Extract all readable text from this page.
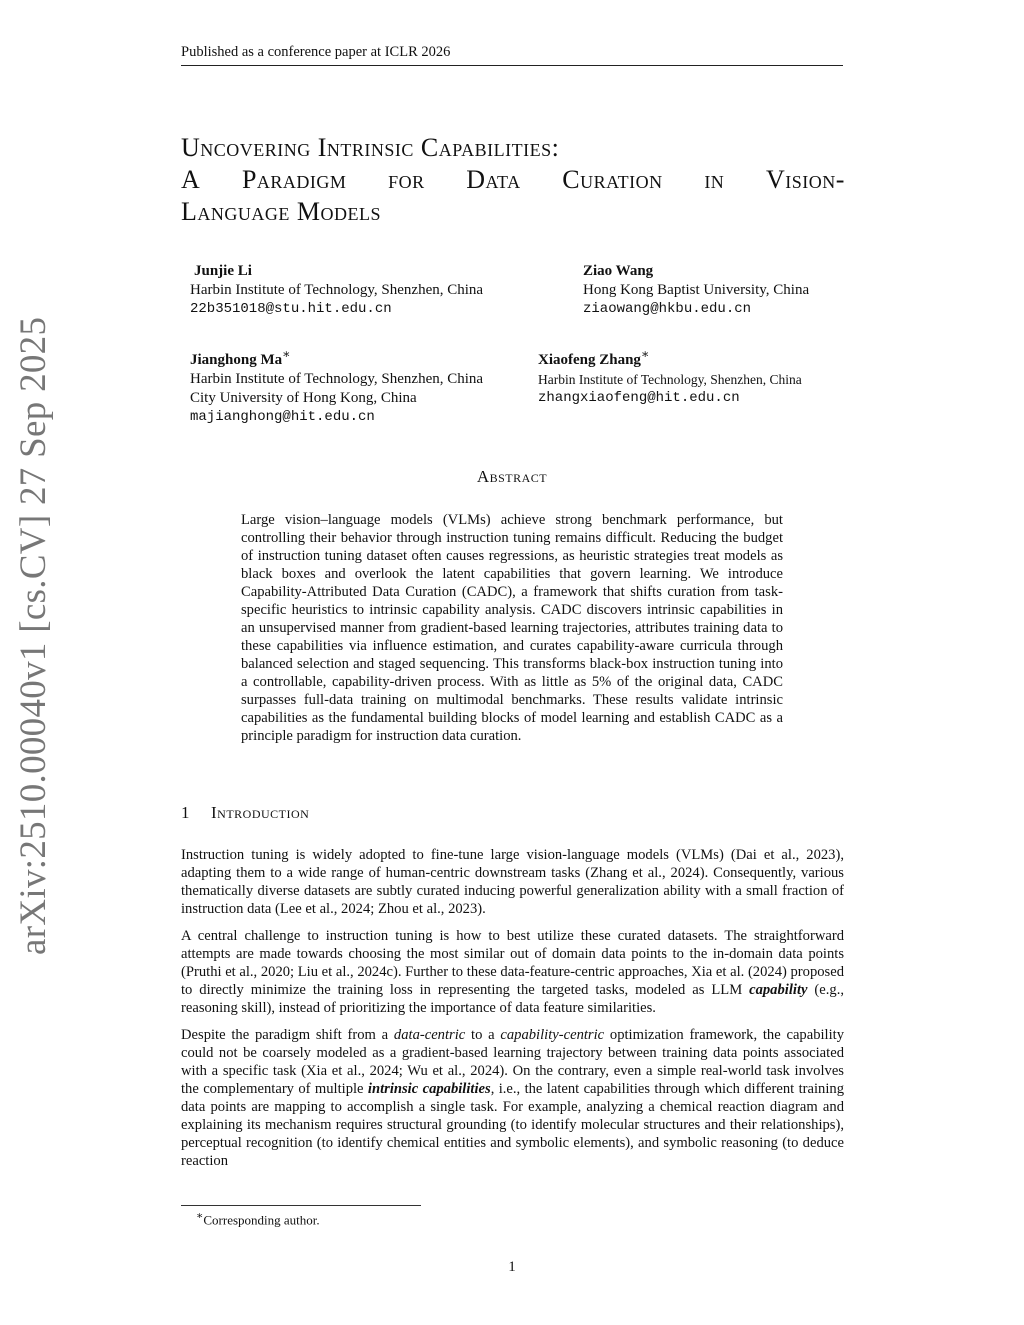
Published as a conference paper at ICLR 2026
Uncovering Intrinsic Capabilities:
A Paradigm for Data Curation in Vision-
Language Models
Junjie Li
Harbin Institute of Technology, Shenzhen, China
22b351018@stu.hit.edu.cn
Ziao Wang
Hong Kong Baptist University, China
ziaowang@hkbu.edu.cn
Jianghong Ma∗
Harbin Institute of Technology, Shenzhen, China
City University of Hong Kong, China
majianghong@hit.edu.cn
Xiaofeng Zhang∗
Harbin Institute of Technology, Shenzhen, China
zhangxiaofeng@hit.edu.cn
Abstract
Large vision–language models (VLMs) achieve strong benchmark performance, but controlling their behavior through instruction tuning remains difficult. Reducing the budget of instruction tuning dataset often causes regressions, as heuristic strategies treat models as black boxes and overlook the latent capabilities that govern learning. We introduce Capability-Attributed Data Curation (CADC), a framework that shifts curation from task-specific heuristics to intrinsic capability analysis. CADC discovers intrinsic capabilities in an unsupervised manner from gradient-based learning trajectories, attributes training data to these capabilities via influence estimation, and curates capability-aware curricula through balanced selection and staged sequencing. This transforms black-box instruction tuning into a controllable, capability-driven process. With as little as 5% of the original data, CADC surpasses full-data training on multimodal benchmarks. These results validate intrinsic capabilities as the fundamental building blocks of model learning and establish CADC as a principle paradigm for instruction data curation.
1 Introduction

Instruction tuning is widely adopted to fine-tune large vision-language models (VLMs) (Dai et al., 2023), adapting them to a wide range of human-centric downstream tasks (Zhang et al., 2024). Consequently, various thematically diverse datasets are subtly curated inducing powerful generalization ability with a small fraction of instruction data (Lee et al., 2024; Zhou et al., 2023).

A central challenge to instruction tuning is how to best utilize these curated datasets. The straightforward attempts are made towards choosing the most similar out of domain data points to the in-domain data points (Pruthi et al., 2020; Liu et al., 2024c). Further to these data-feature-centric approaches, Xia et al. (2024) proposed to directly minimize the training loss in representing the targeted tasks, modeled as LLM capability (e.g., reasoning skill), instead of prioritizing the importance of data feature similarities.

Despite the paradigm shift from a data-centric to a capability-centric optimization framework, the capability could not be coarsely modeled as a gradient-based learning trajectory between training data points associated with a specific task (Xia et al., 2024; Wu et al., 2024). On the contrary, even a simple real-world task involves the complementary of multiple intrinsic capabilities, i.e., the latent capabilities through which different training data points are mapping to accomplish a single task. For example, analyzing a chemical reaction diagram and explaining its mechanism requires structural grounding (to identify molecular structures and their relationships), perceptual recognition (to identify chemical entities and symbolic elements), and symbolic reasoning (to deduce reaction

∗Corresponding author.
1
arXiv:2510.00040v1 [cs.CV] 27 Sep 2025
